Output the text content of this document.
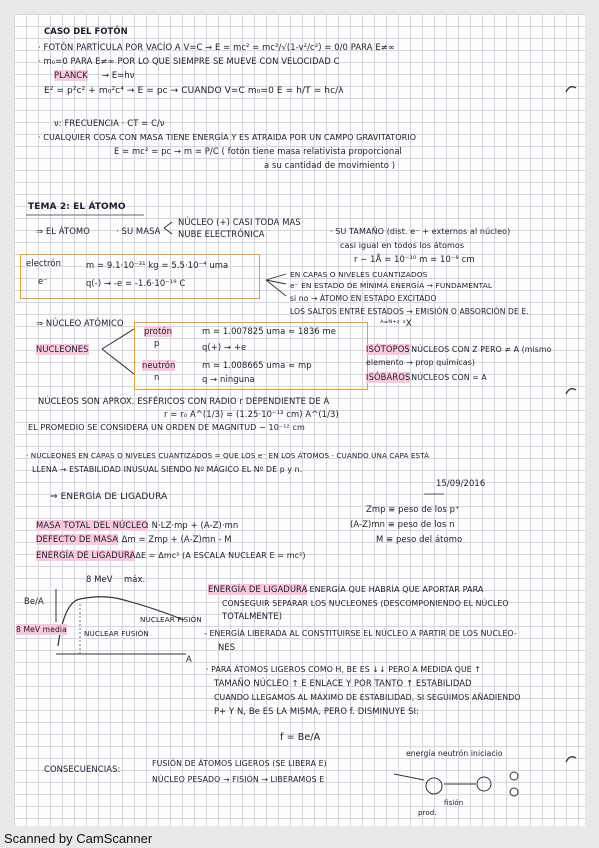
CASO DEL FOTÓN
· FOTÓN PARTÍCULA POR VACÍO A V=C → E = mc² = mc²/√(1-v²/c²) = 0/0 PARA E≠∞
· m₀=0 PARA E≠∞ POR LO QUE SIEMPRE SE MUEVE CON VELOCIDAD C
PLANCK → E=hν
E² = p²c² + m₀²c⁴ → E = pc → CUANDO V=C m₀=0 E = h/T = hc/λ
ν: FRECUENCIA · CT = C/ν
· CUALQUIER COSA CON MASA TIENE ENERGÍA Y ES ATRAIDA POR UN CAMPO GRAVITATORIO
E = mc² = pc → m = P/C ( fotón tiene masa relativista proporcional
a su cantidad de movimiento )
TEMA 2: EL ÁTOMO
⇒ EL ÁTOMO	· SU MASA
NÚCLEO (+) CASI TODA MAS
NUBE ELECTRÓNICA	· SU TAMAÑO (dist. e⁻ + externos al núcleo)
casi igual en todos los átomos
r ∼ 1Å = 10⁻¹⁰ m = 10⁻⁸ cm
electrón
e⁻
m = 9.1·10⁻³¹ kg = 5.5·10⁻⁴ uma
q(-) → -e = -1.6·10⁻¹⁹ C
EN CAPAS O NIVELES CUANTIZADOS
e⁻ EN ESTADO DE MÍNIMA ENERGÍA → FUNDAMENTAL
si no → ÁTOMO EN ESTADO EXCITADO
LOS SALTOS ENTRE ESTADOS → EMISIÓN O ABSORCIÓN DE E.
⇒ NÚCLEO ATÓMICO
NUCLEONES
protón
p
m = 1.007825 uma ≈ 1836 me
q(+) → +e
neutrón
n
m = 1.008665 uma ≈ mp
q → ninguna
ᴬ⁼ᴺ⁺ᶻ ᶻX
ISÓTOPOS
: NÚCLEOS CON Z PERO ≠ A (mismo
elemento → prop químicas)
ISÓBAROS
: NÚCLEOS CON = A
NÚCLEOS SON APROX. ESFÉRICOS CON RADIO r DEPENDIENTE DE A
r = r₀ A^(1/3) = (1.25·10⁻¹³ cm) A^(1/3)
EL PROMEDIO SE CONSIDERA UN ORDEN DE MAGNITUD ∼ 10⁻¹² cm
· NUCLEONES EN CAPAS O NIVELES CUANTIZADOS = QUE LOS e⁻ EN LOS ÁTOMOS · CUANDO UNA CAPA ESTÁ
LLENA → ESTABILIDAD INUSUAL SIENDO Nº MÁGICO EL Nº DE p y n.
15/09/2016
⇒ ENERGÍA DE LIGADURA
MASA TOTAL DEL NÚCLEO
: N·LZ·mp + (A-Z)·mn
DEFECTO DE MASA
: Δm = Zmp + (A-Z)mn - M
ENERGÍA DE LIGADURA
: ΔE = Δmc² (A ESCALA NUCLEAR E = mc²)
Zmp ≡ peso de los p⁺
(A-Z)mn ≡ peso de los n
M ≡ peso del átomo
8 MeV máx.
Be/A
8 MeV media NUCLEAR FUSIÓN
NUCLEAR FISIÓN
ENERGÍA DE LIGADURA
: ENERGÍA QUE HABRÍA QUE APORTAR PARA
CONSEGUIR SEPARAR LOS NUCLEONES (DESCOMPONIENDO EL NÚCLEO
TOTALMENTE)
- ENERGÍA LIBERADA AL CONSTITUIRSE EL NÚCLEO A PARTIR DE LOS NUCLEO-
NES
A
· PARA ÁTOMOS LIGEROS COMO H, BE ES ↓↓ PERO A MEDIDA QUE ↑
TAMAÑO NÚCLEO ↑ E ENLACE Y POR TANTO ↑ ESTABILIDAD
CUANDO LLEGAMOS AL MÁXIMO DE ESTABILIDAD, SI SEGUIMOS AÑADIENDO
P+ Y N, Be ES LA MISMA, PERO f. DISMINUYE SI:
f = Be/A
CONSECUENCIAS:
FUSIÓN DE ÁTOMOS LIGEROS (SE LIBERA E)
NÚCLEO PESADO → FISIÓN → LIBERAMOS E
energía neutrón iniciacio
fisión
prod.
Scanned by CamScanner
